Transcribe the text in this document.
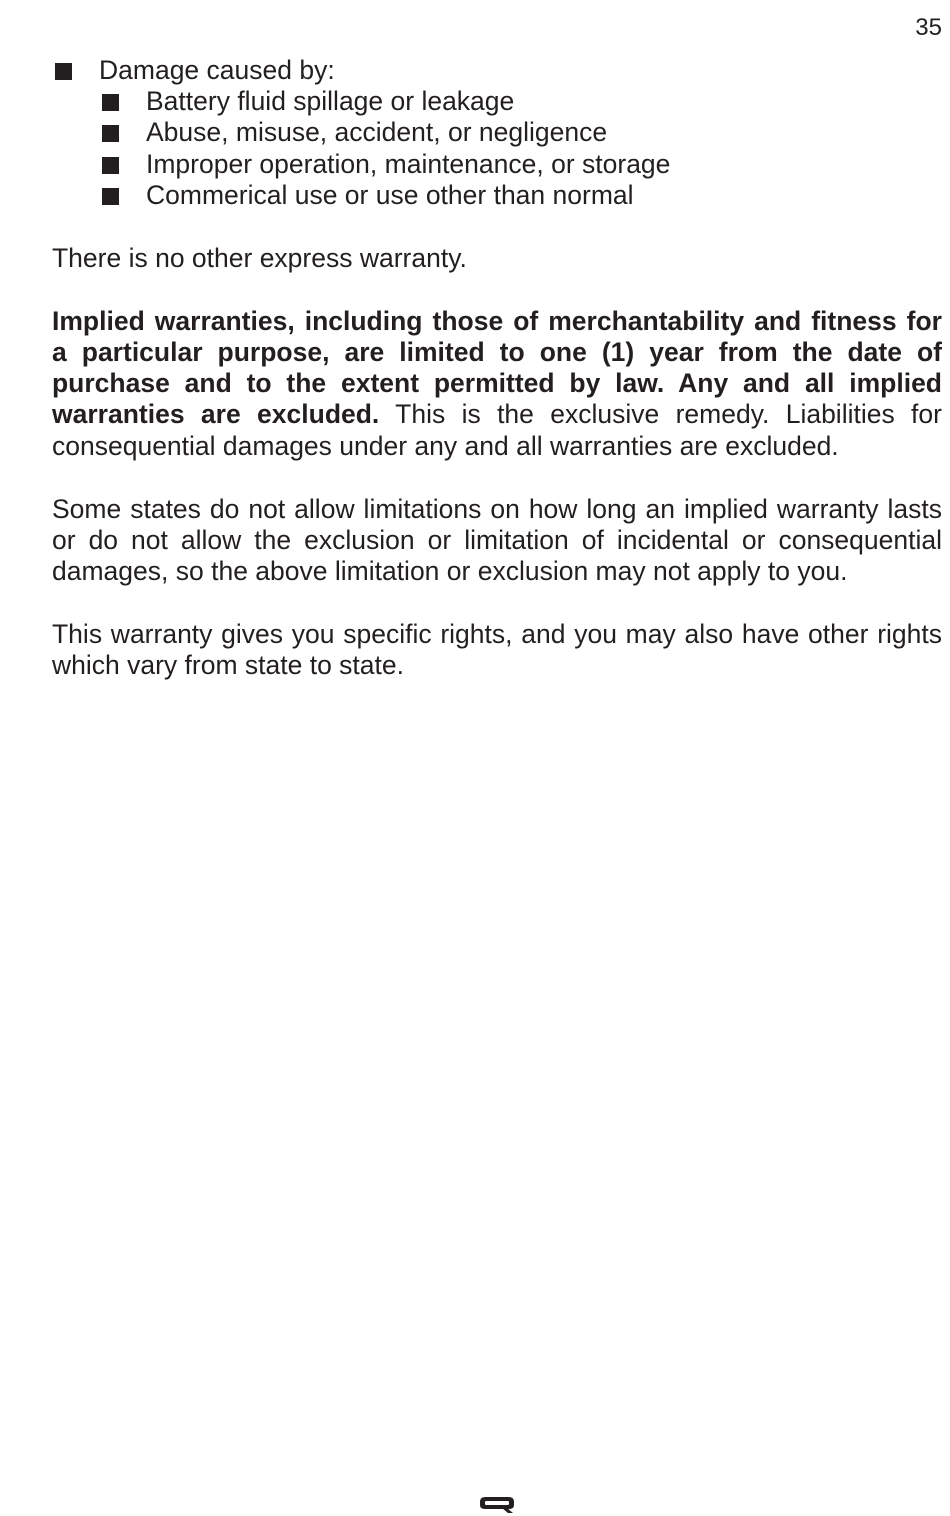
35
Damage caused by:
Battery fluid spillage or leakage
Abuse, misuse, accident, or negligence
Improper operation, maintenance, or storage
Commerical use or use other than normal

There is no other express warranty.

Implied warranties, including those of merchantability and fitness for a particular purpose, are limited to one (1) year from the date of purchase and to the extent permitted by law. Any and all implied warranties are excluded. This is the exclusive remedy. Liabilities for consequential damages under any and all warranties are excluded.

Some states do not allow limitations on how long an implied warranty lasts or do not allow the exclusion or limitation of incidental or consequential damages, so the above limitation or exclusion may not apply to you.

This warranty gives you specific rights, and you may also have other rights which vary from state to state.
